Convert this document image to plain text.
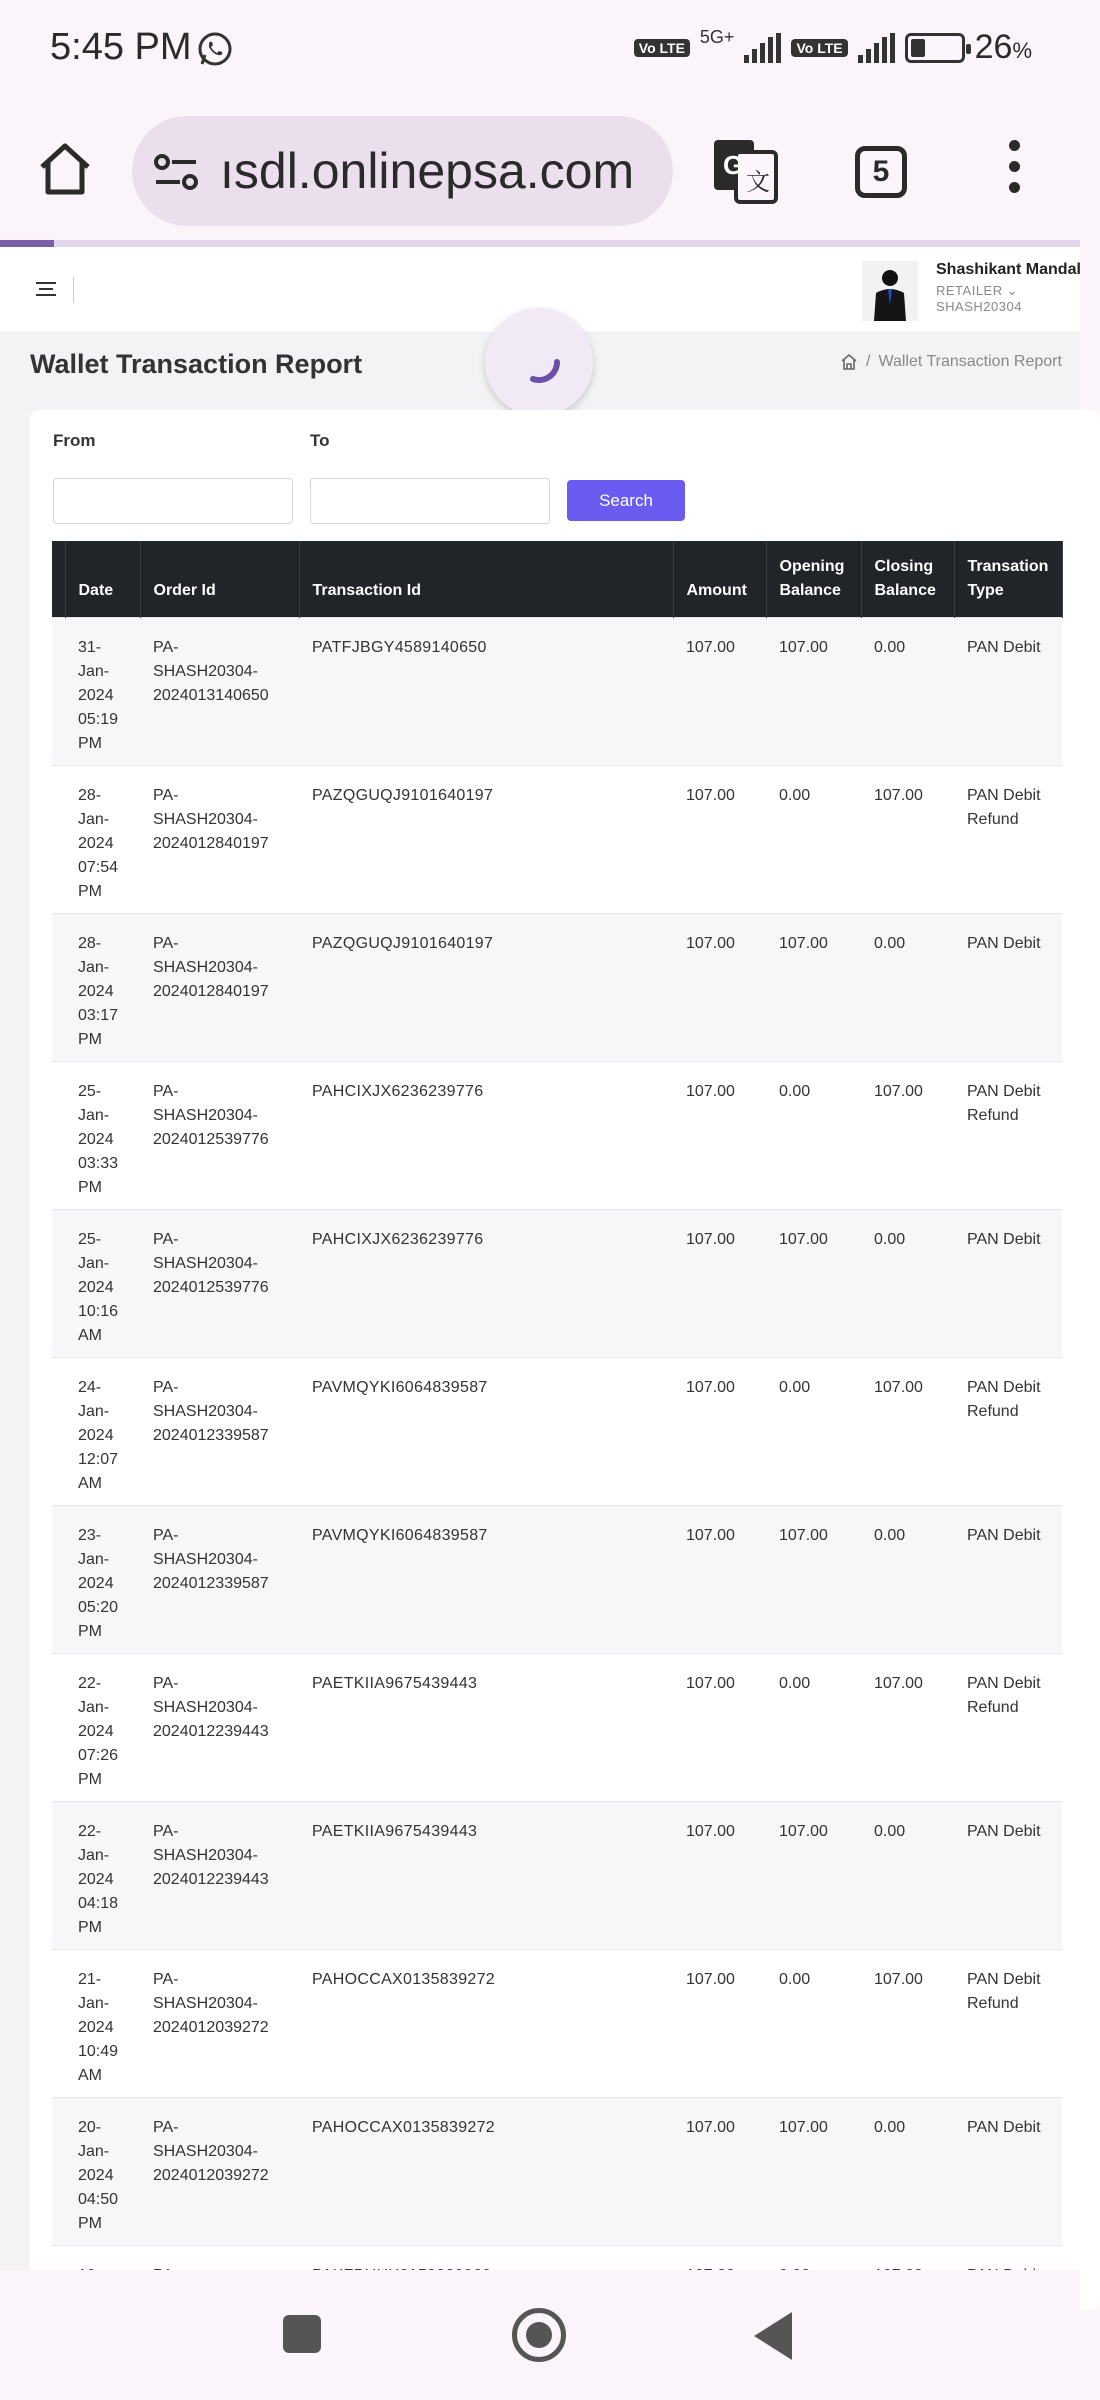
5:45 PM	Vo LTE
5G+
Vo LTE	26%
ısdl.onlinepsa.com	G
文	5
Shashikant Mandal
RETAILER ⌄
SHASH20304
Wallet Transaction Report	/ Wallet Transaction Report
From	To
Search
	Date	Order Id	Transaction Id	Amount	Opening Balance	Closing Balance	Transation Type
	31-
Jan-
2024
05:19
PM	PA-
SHASH20304-
2024013140650	PATFJBGY4589140650	107.00	107.00	0.00	PAN Debit
	28-
Jan-
2024
07:54
PM	PA-
SHASH20304-
2024012840197	PAZQGUQJ9101640197	107.00	0.00	107.00	PAN Debit Refund
	28-
Jan-
2024
03:17
PM	PA-
SHASH20304-
2024012840197	PAZQGUQJ9101640197	107.00	107.00	0.00	PAN Debit
	25-
Jan-
2024
03:33
PM	PA-
SHASH20304-
2024012539776	PAHCIXJX6236239776	107.00	0.00	107.00	PAN Debit Refund
	25-
Jan-
2024
10:16
AM	PA-
SHASH20304-
2024012539776	PAHCIXJX6236239776	107.00	107.00	0.00	PAN Debit
	24-
Jan-
2024
12:07
AM	PA-
SHASH20304-
2024012339587	PAVMQYKI6064839587	107.00	0.00	107.00	PAN Debit Refund
	23-
Jan-
2024
05:20
PM	PA-
SHASH20304-
2024012339587	PAVMQYKI6064839587	107.00	107.00	0.00	PAN Debit
	22-
Jan-
2024
07:26
PM	PA-
SHASH20304-
2024012239443	PAETKIIA9675439443	107.00	0.00	107.00	PAN Debit Refund
	22-
Jan-
2024
04:18
PM	PA-
SHASH20304-
2024012239443	PAETKIIA9675439443	107.00	107.00	0.00	PAN Debit
	21-
Jan-
2024
10:49
AM	PA-
SHASH20304-
2024012039272	PAHOCCAX0135839272	107.00	0.00	107.00	PAN Debit Refund
	20-
Jan-
2024
04:50
PM	PA-
SHASH20304-
2024012039272	PAHOCCAX0135839272	107.00	107.00	0.00	PAN Debit
